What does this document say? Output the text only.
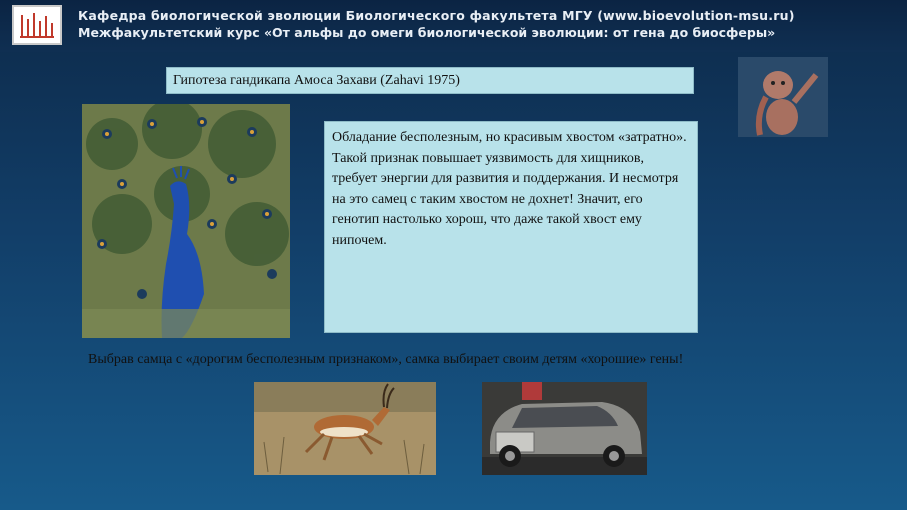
Кафедра биологической эволюции Биологического факультета МГУ (www.bioevolution-msu.ru)
Межфакультетский курс «От альфы до омеги биологической эволюции: от гена до биосферы»
Гипотеза гандикапа Амоса Захави (Zahavi 1975)
Обладание бесполезным, но красивым хвостом «затратно». Такой признак повышает уязвимость для хищников, требует энергии для развития и поддержания. И несмотря на это самец с таким хвостом не дохнет! Значит, его генотип настолько хорош, что даже такой хвост ему нипочем.
Выбрав самца с «дорогим бесполезным признаком», самка выбирает своим детям «хорошие» гены!
